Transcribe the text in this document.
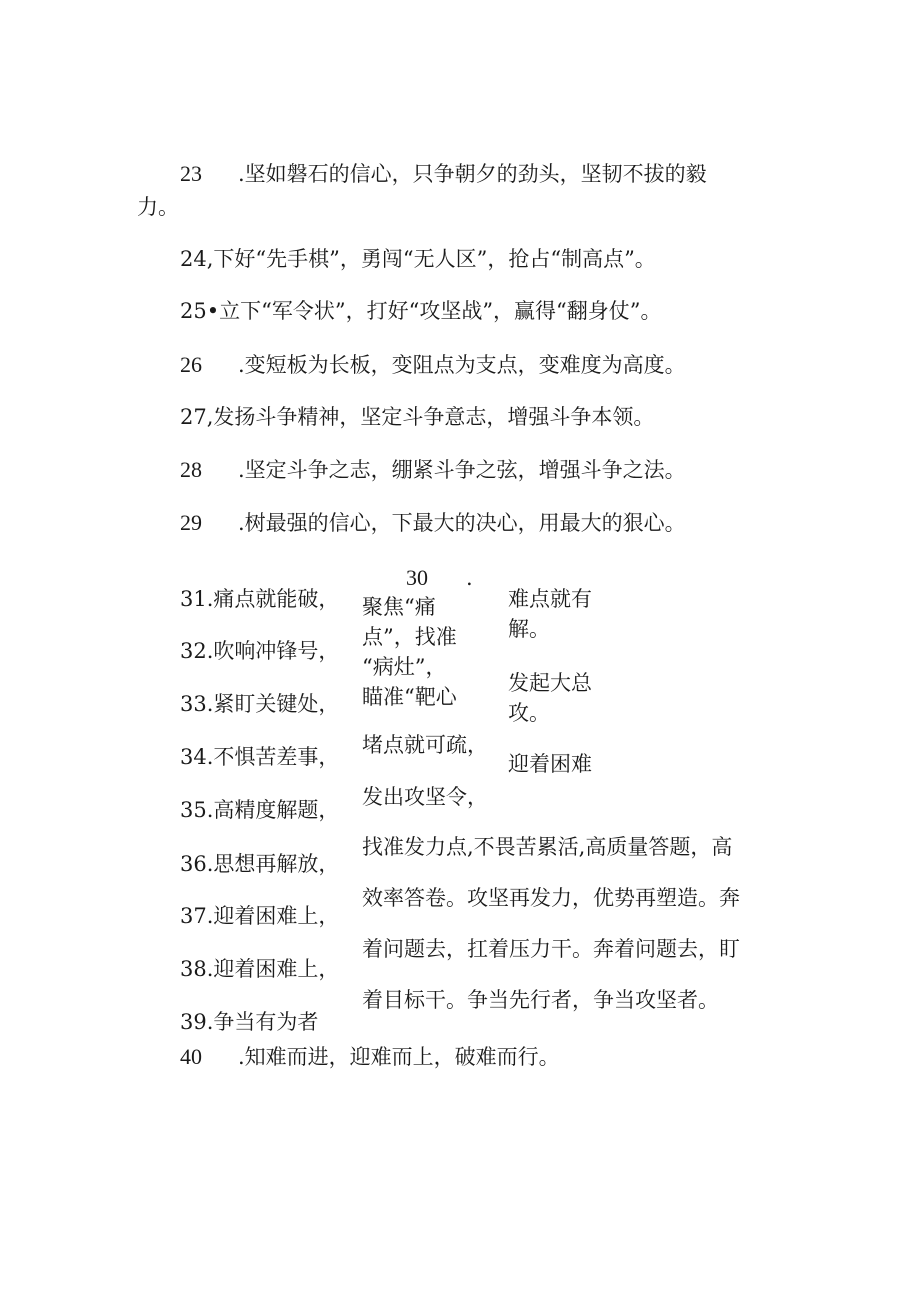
23 .坚如磐石的信心，只争朝夕的劲头，坚韧不拔的毅
力。
24,下好“先手棋”，勇闯“无人区”，抢占“制高点”。
25•立下“军令状”，打好“攻坚战”，赢得“翻身仗”。
26 .变短板为长板，变阻点为支点，变难度为高度。
27,发扬斗争精神，坚定斗争意志，增强斗争本领。
28 .坚定斗争之志，绷紧斗争之弦，增强斗争之法。
29 .树最强的信心，下最大的决心，用最大的狠心。
30 .
31.痛点就能破，
32.吹响冲锋号，
33.紧盯关键处，
34.不惧苦差事，
35.高精度解题，
36.思想再解放，
37.迎着困难上，
38.迎着困难上，
39.争当有为者
聚焦“痛
点”，找准
“病灶”，
瞄准“靶心
堵点就可疏，
发出攻坚令，
难点就有
解。
发起大总
攻。
迎着困难
找准发力点,不畏苦累活,高质量答题，高
效率答卷。攻坚再发力，优势再塑造。奔
着问题去，扛着压力干。奔着问题去，盯
着目标干。争当先行者，争当攻坚者。
40 .知难而进，迎难而上，破难而行。
